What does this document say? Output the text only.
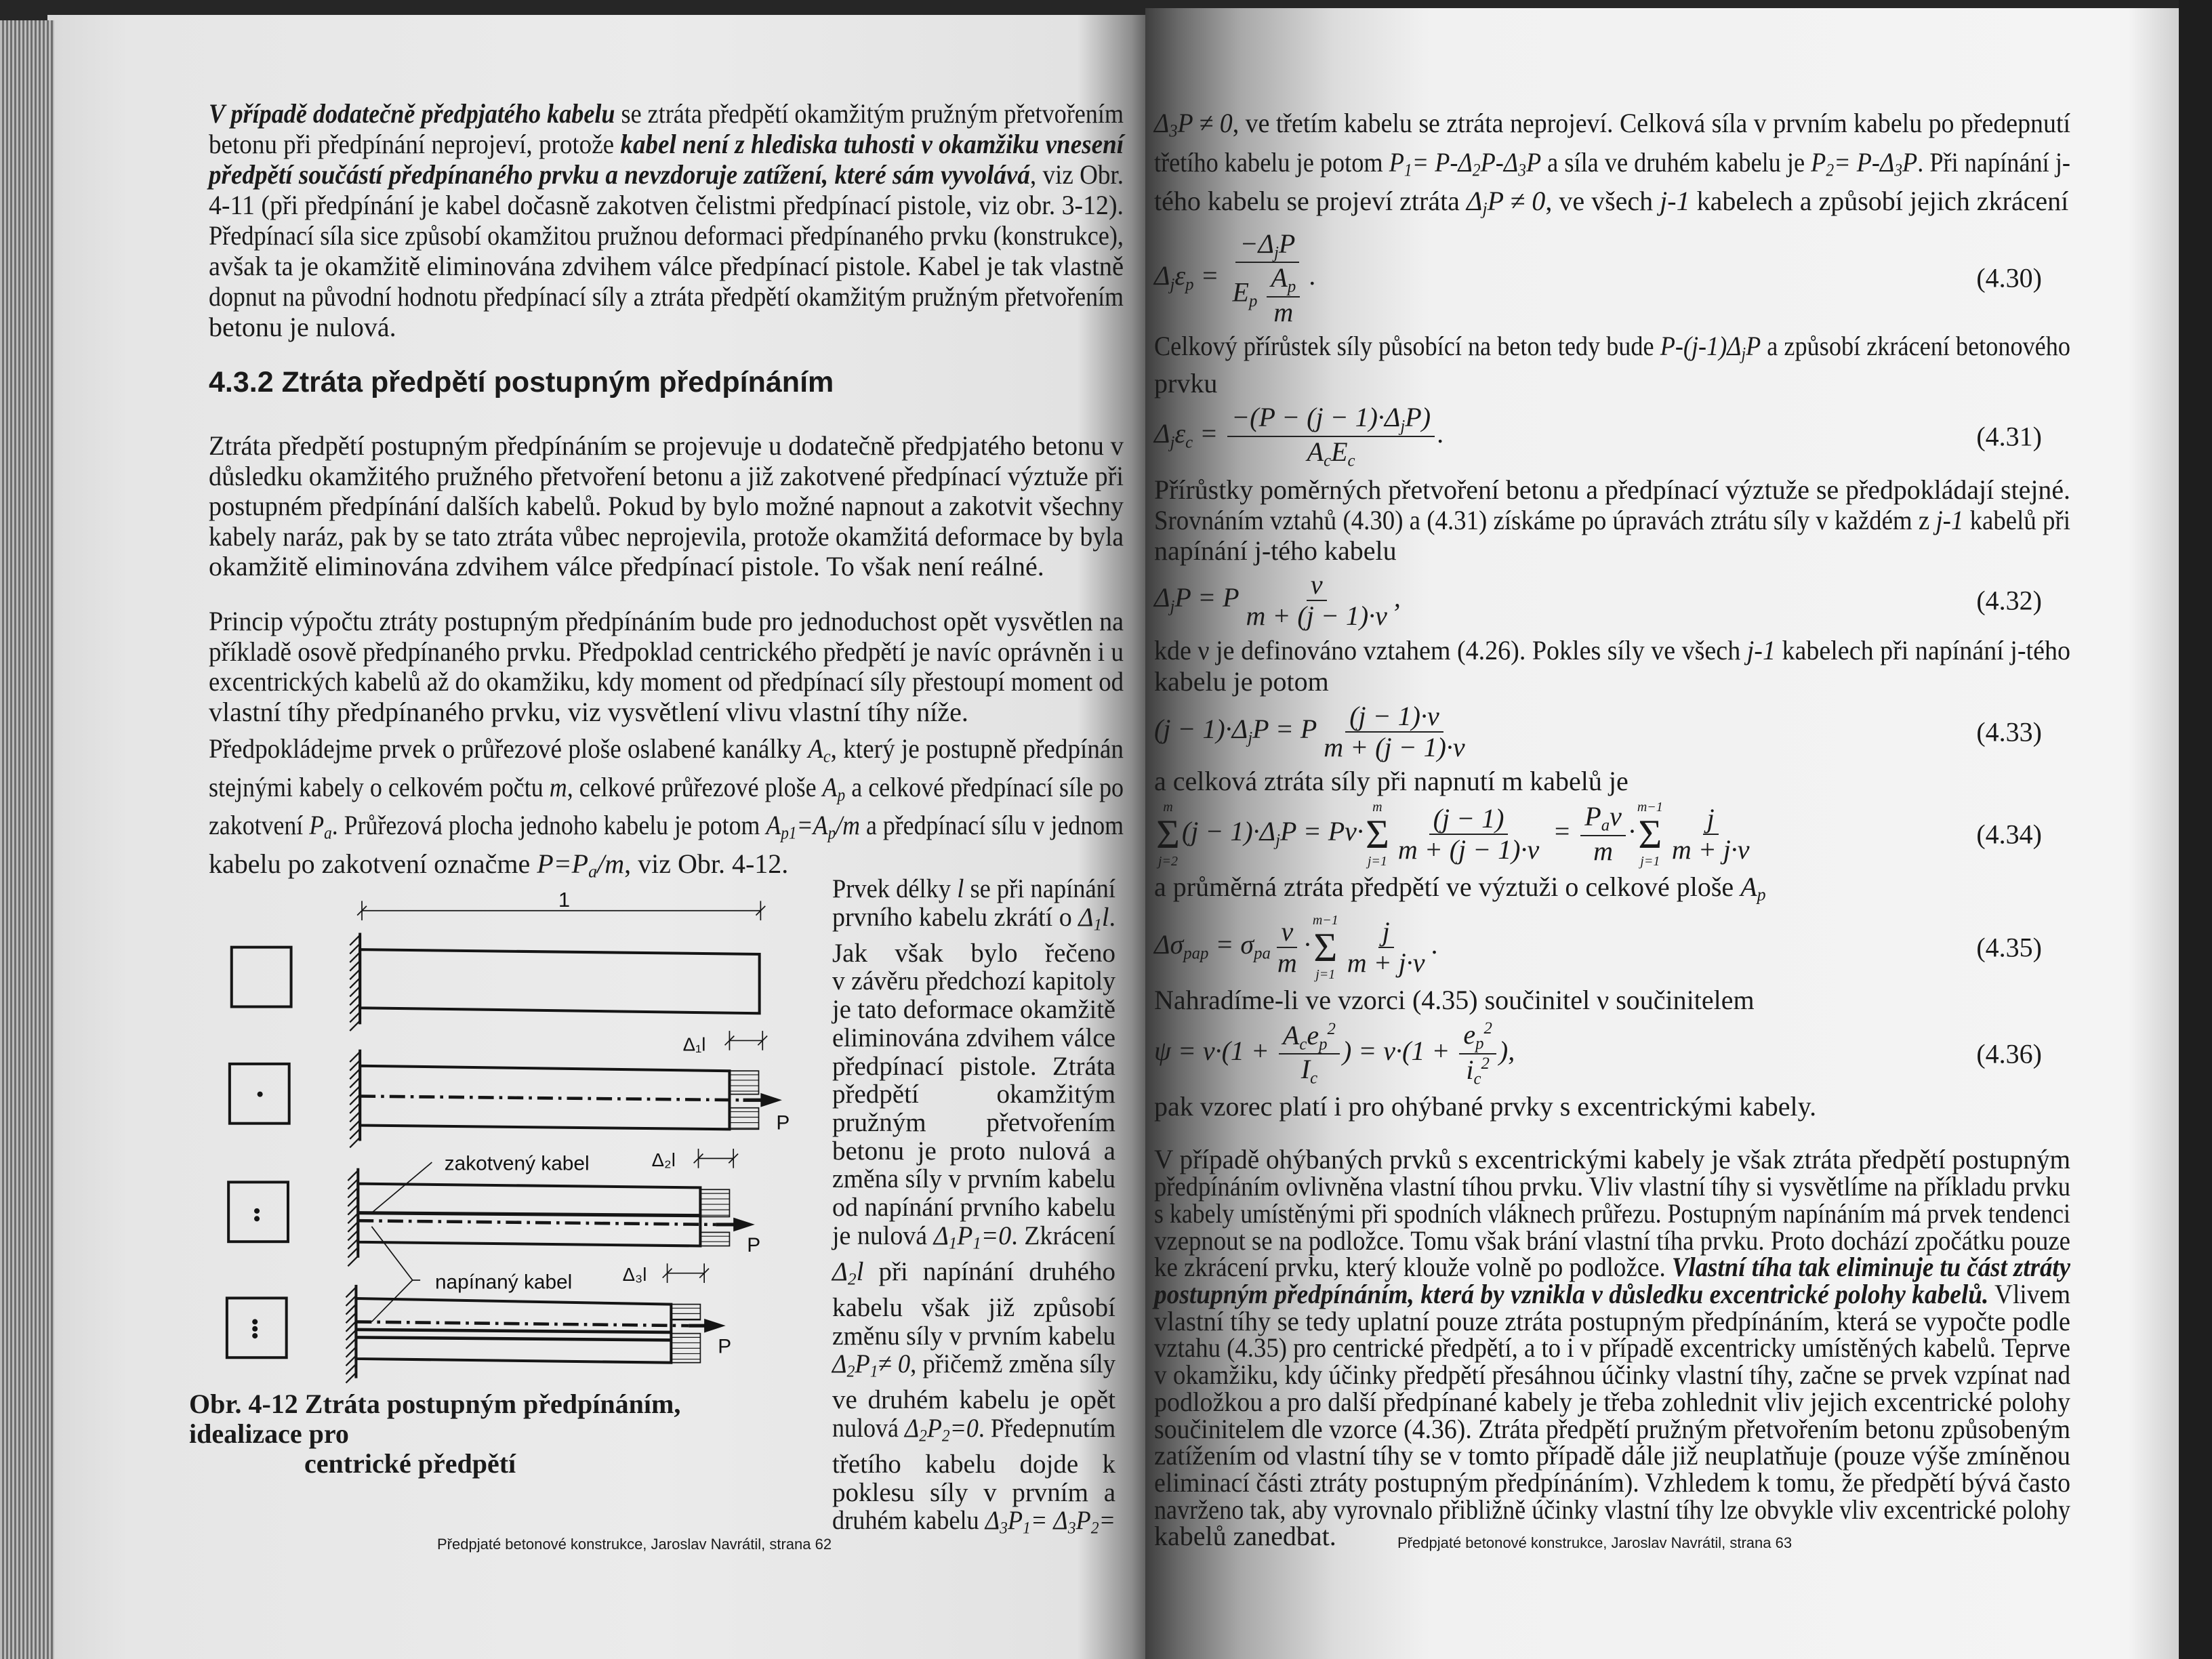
V případě dodatečně předpjatého kabelu se ztráta předpětí okamžitým pružným přetvořením
betonu při předpínání neprojeví, protože kabel není z hlediska tuhosti v okamžiku vnesení
předpětí součástí předpínaného prvku a nevzdoruje zatížení, které sám vyvolává, viz Obr.
4-11 (při předpínání je kabel dočasně zakotven čelistmi předpínací pistole, viz obr. 3-12).
Předpínací síla sice způsobí okamžitou pružnou deformaci předpínaného prvku (konstrukce),
avšak ta je okamžitě eliminována zdvihem válce předpínací pistole. Kabel je tak vlastně
dopnut na původní hodnotu předpínací síly a ztráta předpětí okamžitým pružným přetvořením
betonu je nulová.
4.3.2 Ztráta předpětí postupným předpínáním
Ztráta předpětí postupným předpínáním se projevuje u dodatečně předpjatého betonu v
důsledku okamžitého pružného přetvoření betonu a již zakotvené předpínací výztuže při
postupném předpínání dalších kabelů. Pokud by bylo možné napnout a zakotvit všechny
kabely naráz, pak by se tato ztráta vůbec neprojevila, protože okamžitá deformace by byla
okamžitě eliminována zdvihem válce předpínací pistole. To však není reálné.
Princip výpočtu ztráty postupným předpínáním bude pro jednoduchost opět vysvětlen na
příkladě osově předpínaného prvku. Předpoklad centrického předpětí je navíc oprávněn i u
excentrických kabelů až do okamžiku, kdy moment od předpínací síly přestoupí moment od
vlastní tíhy předpínaného prvku, viz vysvětlení vlivu vlastní tíhy níže.
Předpokládejme prvek o průřezové ploše oslabené kanálky $A_c$, který je postupně předpínán
stejnými kabely o celkovém počtu m, celkové průřezové ploše $A_p$ a celkové předpínací síle po
zakotvení $P_a$. Průřezová plocha jednoho kabelu je potom $A_{p1}=A_p/m$ a předpínací sílu v jednom
kabelu po zakotvení označme $P=P_a/m$, viz Obr. 4-12.
1
Δ₁l
Δ₂l
Δ₃l
zakotvený kabel
napínaný kabel
P
P
P
Obr. 4-12 Ztráta postupným předpínáním, idealizace pro
centrické předpětí
Prvek délky l se při napínání
prvního kabelu zkrátí o $\Delta_1l$.
Jak však bylo řečeno
v závěru předchozí kapitoly
je tato deformace okamžitě
eliminována zdvihem válce
předpínací pistole. Ztráta
předpětí okamžitým
pružným přetvořením
betonu je proto nulová a
změna síly v prvním kabelu
od napínání prvního kabelu
je nulová $\Delta_1P_1=0$. Zkrácení
$\Delta_2l$ při napínání druhého
kabelu však již způsobí
změnu síly v prvním kabelu
$\Delta_2P_1\ne 0$, přičemž změna síly
ve druhém kabelu je opět
nulová $\Delta_2P_2=0$. Předepnutím
třetího kabelu dojde k
poklesu síly v prvním a
druhém kabelu $\Delta_3P_1= \Delta_3P_2=$
Předpjaté betonové konstrukce, Jaroslav Navrátil, strana 62
$\Delta_3P \ne 0$, ve třetím kabelu se ztráta neprojeví. Celková síla v prvním kabelu po předepnutí
třetího kabelu je potom $P_1= P-\Delta_2P-\Delta_3P$ a síla ve druhém kabelu je $P_2= P-\Delta_3P$. Při napínání j-
tého kabelu se projeví ztráta $\Delta_jP \ne 0$, ve všech j-1 kabelech a způsobí jejich zkrácení
$\Delta j\varepsilon p = \frac{\text{−ΔjP}}{Ep \frac{Ap}{m}}$ .	(4.30)
Celkový přírůstek síly působící na beton tedy bude $P-(j-1)\Delta_jP$ a způsobí zkrácení betonového
prvku
$\Delta j\varepsilon c = \frac{\text{−(P − (j − 1)·ΔjP)}}{\text{AcEc}}$ .	(4.31)
Přírůstky poměrných přetvoření betonu a předpínací výztuže se předpokládají stejné.
Srovnáním vztahů (4.30) a (4.31) získáme po úpravách ztrátu síly v každém z j-1 kabelů při
napínání j-tého kabelu
ΔjP = P $\frac{\nu}{m + (j - 1)\cdot\nu}$ ,	(4.32)
kde ν je definováno vztahem (4.26). Pokles síly ve všech j-1 kabelech při napínání j-tého
kabelu je potom
(j − 1)·ΔjP = P $\frac{(j - 1)\cdot\nu}{m + (j - 1)\cdot\nu}$	(4.33)
a celková ztráta síly při napnutí m kabelů je
m
Σ
j=2
(j − 1)·ΔjP = Pν·
m
Σ
$j=1 \frac{(j - 1)}{m + (j - 1)\cdot\nu} = \frac{\text{Paν}}{m}$ ·
m−1
Σ
$j=1 \frac{j}{m + j\cdot\nu}$	(4.34)
a průměrná ztráta předpětí ve výztuži o celkové ploše $A_p$
Δσpap = σpa $\frac{\nu}{m}$ ·
m−1
Σ
$j=1 \frac{j}{m + j\cdot\nu}$ .	(4.35)
Nahradíme-li ve vzorci (4.35) součinitel ν součinitelem
$\psi = \nu\cdot(1 + \frac{Acep^2}{Ic}$ ) = $\nu\cdot(1 + \frac{ep^2}{ic^2}$ ),	(4.36)
pak vzorec platí i pro ohýbané prvky s excentrickými kabely.
V případě ohýbaných prvků s excentrickými kabely je však ztráta předpětí postupným
předpínáním ovlivněna vlastní tíhou prvku. Vliv vlastní tíhy si vysvětlíme na příkladu prvku
s kabely umístěnými při spodních vláknech průřezu. Postupným napínáním má prvek tendenci
vzepnout se na podložce. Tomu však brání vlastní tíha prvku. Proto dochází zpočátku pouze
ke zkrácení prvku, který klouže volně po podložce. Vlastní tíha tak eliminuje tu část ztráty
postupným předpínáním, která by vznikla v důsledku excentrické polohy kabelů. Vlivem
vlastní tíhy se tedy uplatní pouze ztráta postupným předpínáním, která se vypočte podle
vztahu (4.35) pro centrické předpětí, a to i v případě excentricky umístěných kabelů. Teprve
v okamžiku, kdy účinky předpětí přesáhnou účinky vlastní tíhy, začne se prvek vzpínat nad
podložkou a pro další předpínané kabely je třeba zohlednit vliv jejich excentrické polohy
součinitelem dle vzorce (4.36). Ztráta předpětí pružným přetvořením betonu způsobeným
zatížením od vlastní tíhy se v tomto případě dále již neuplatňuje (pouze výše zmíněnou
eliminací části ztráty postupným předpínáním). Vzhledem k tomu, že předpětí bývá často
navrženo tak, aby vyrovnalo přibližně účinky vlastní tíhy lze obvykle vliv excentrické polohy
kabelů zanedbat.	Předpjaté betonové konstrukce, Jaroslav Navrátil, strana 63
